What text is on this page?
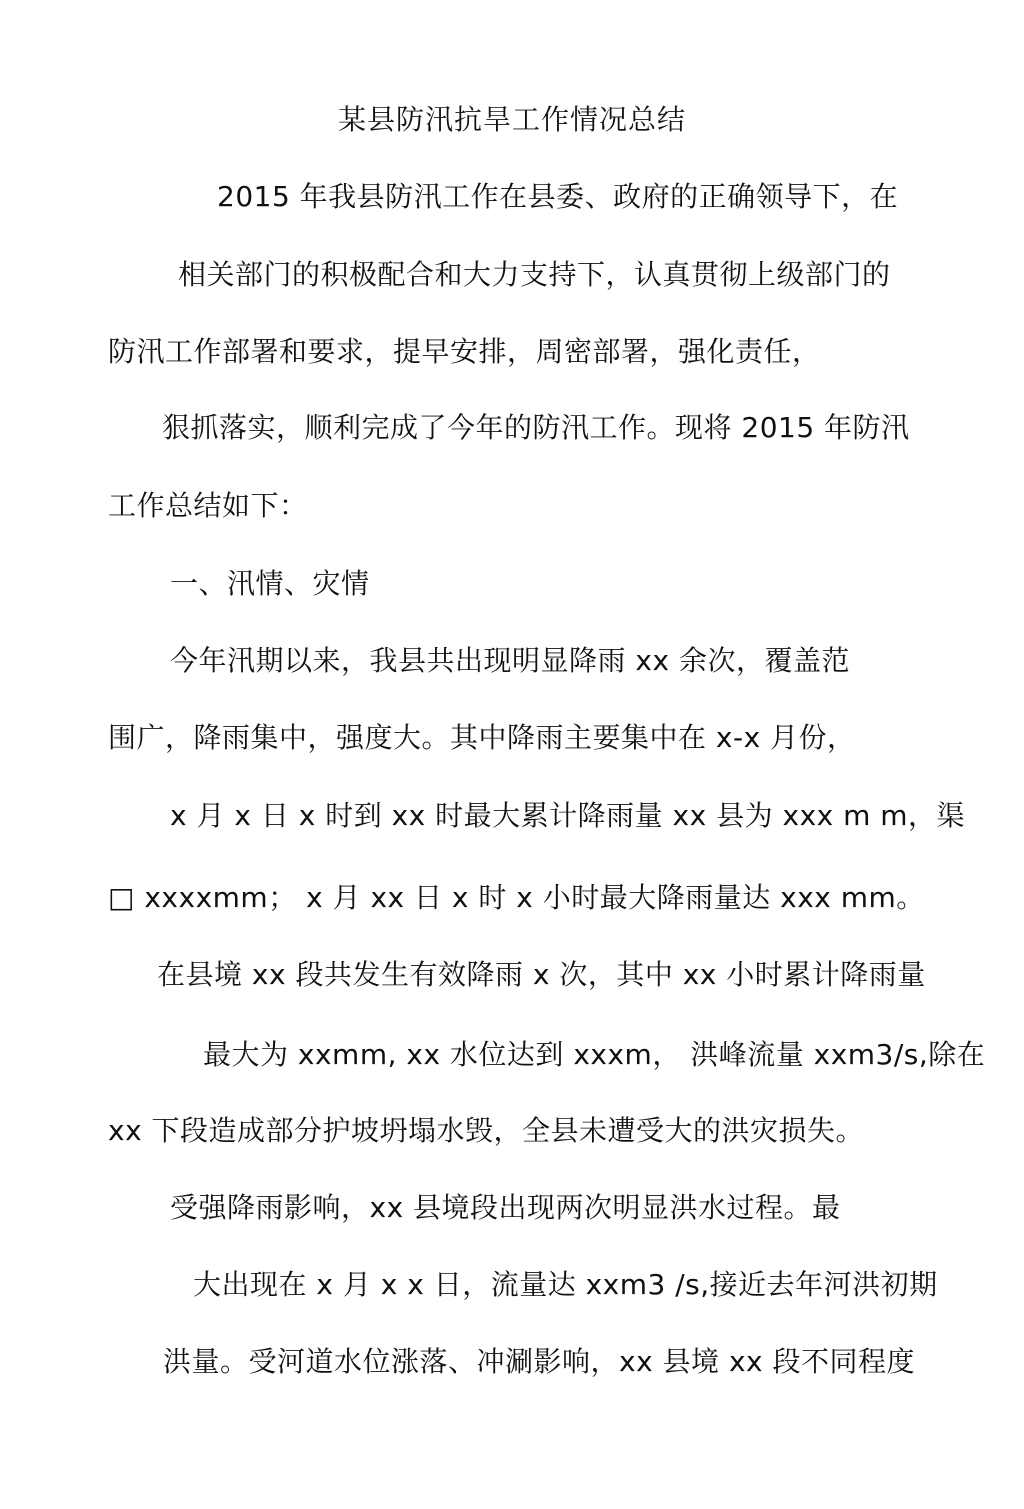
某县防汛抗旱工作情况总结
2015 年我县防汛工作在县委、政府的正确领导下，在
相关部门的积极配合和大力支持下，认真贯彻上级部门的
防汛工作部署和要求，提早安排，周密部署，强化责任，
狠抓落实，顺利完成了今年的防汛工作。现将 2015 年防汛
工作总结如下：
一、汛情、灾情
今年汛期以来，我县共出现明显降雨 xx 余次，覆盖范
围广，降雨集中，强度大。其中降雨主要集中在 x-x 月份，
x 月 x 日 x 时到 xx 时最大累计降雨量 xx 县为 xxx m m，渠
□ xxxxmm； x 月 xx 日 x 时 x 小时最大降雨量达 xxx mm。
在县境 xx 段共发生有效降雨 x 次，其中 xx 小时累计降雨量
最大为 xxmm, xx 水位达到 xxxm， 洪峰流量 xxm3/s,除在
xx 下段造成部分护坡坍塌水毁，全县未遭受大的洪灾损失。
受强降雨影响，xx 县境段出现两次明显洪水过程。最
大出现在 x 月 x x 日，流量达 xxm3 /s,接近去年河洪初期
洪量。受河道水位涨落、冲涮影响，xx 县境 xx 段不同程度
